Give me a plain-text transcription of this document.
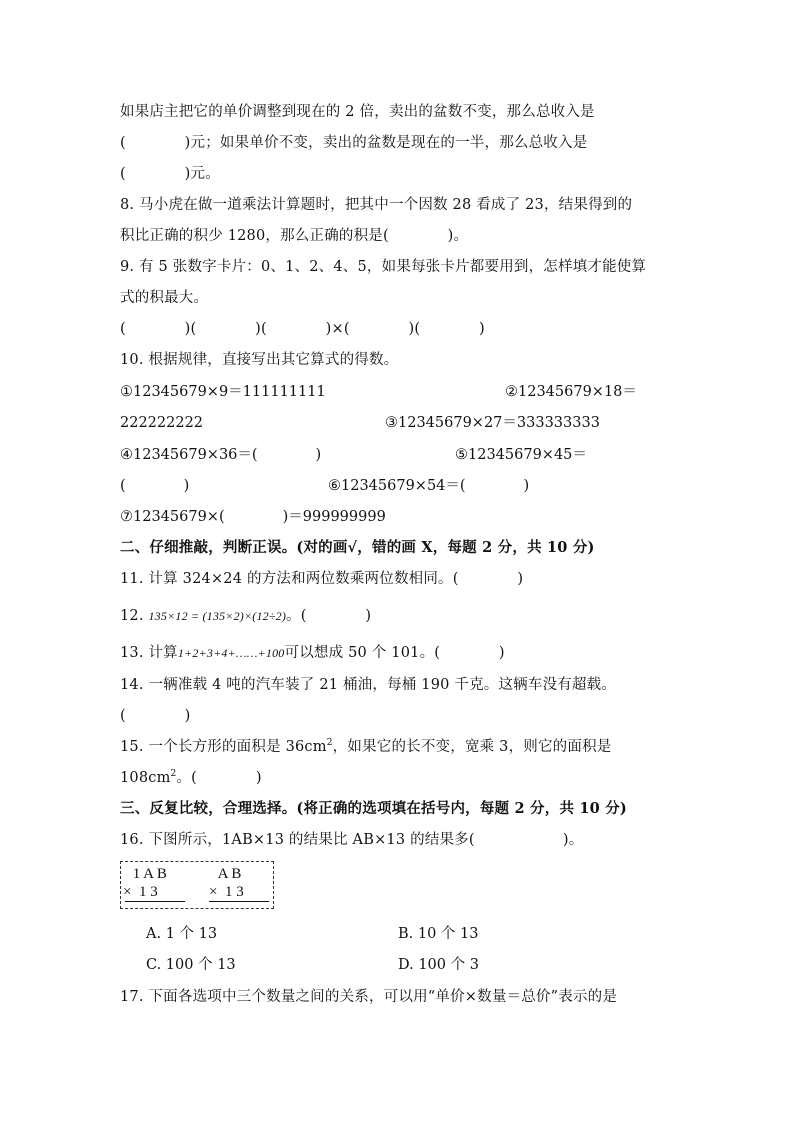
如果店主把它的单价调整到现在的 2 倍，卖出的盆数不变，那么总收入是
(　　　　)元；如果单价不变，卖出的盆数是现在的一半，那么总收入是
(　　　　)元。
8. 马小虎在做一道乘法计算题时，把其中一个因数 28 看成了 23，结果得到的
积比正确的积少 1280，那么正确的积是(　　　　)。
9. 有 5 张数字卡片：0、1、2、4、5，如果每张卡片都要用到，怎样填才能使算
式的积最大。
(　　　　)(　　　　)(　　　　)×(　　　　)(　　　　)
10. 根据规律，直接写出其它算式的得数。
①12345679×9＝111111111	②12345679×18＝
222222222	③12345679×27＝333333333
④12345679×36＝(　　　　)	⑤12345679×45＝
(　　　　)	⑥12345679×54＝(　　　　)
⑦12345679×(　　　　)＝999999999
二、仔细推敲，判断正误。(对的画√，错的画 X，每题 2 分，共 10 分)
11. 计算 324×24 的方法和两位数乘两位数相同。(　　　　)
12. 135×12 = (135×2)×(12÷2)。(　　　　)
13. 计算1+2+3+4+……+100可以想成 50 个 101。(　　　　)
14. 一辆准载 4 吨的汽车装了 21 桶油，每桶 190 千克。这辆车没有超载。
(　　　　)
15. 一个长方形的面积是 $36cm^2$，如果它的长不变，宽乘 3，则它的面积是
$108cm^2$。(　　　　)
三、反复比较，合理选择。(将正确的选项填在括号内，每题 2 分，共 10 分)
16. 下图所示，1AB×13 的结果比 AB×13 的结果多(　　　　　　)。
1 A B
×  1 3
A B
×  1 3
A. 1 个 13	B. 10 个 13
C. 100 个 13	D. 100 个 3
17. 下面各选项中三个数量之间的关系，可以用“单价×数量＝总价”表示的是
